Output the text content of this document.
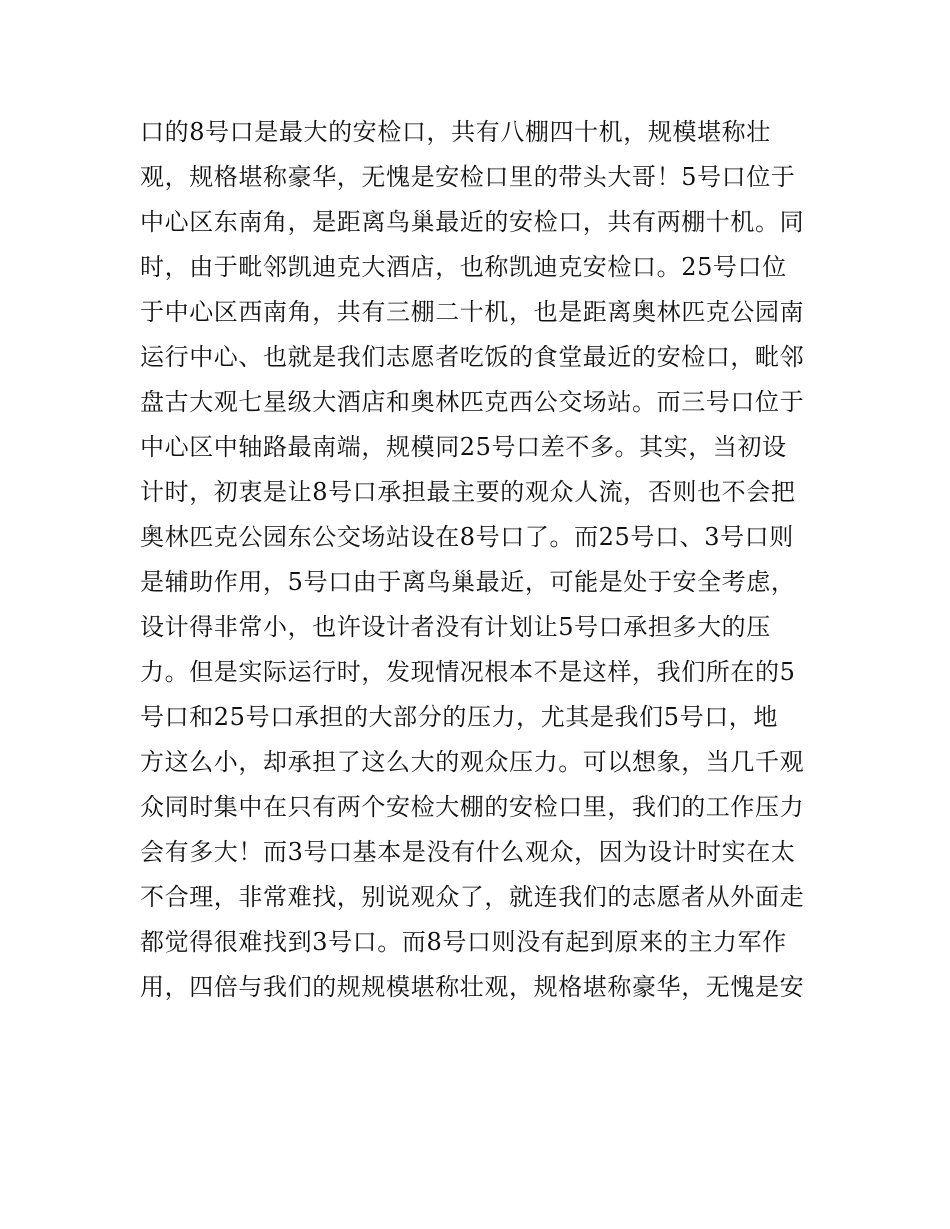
口的8号口是最大的安检口，共有八棚四十机，规模堪称壮
观，规格堪称豪华，无愧是安检口里的带头大哥！5号口位于
中心区东南角，是距离鸟巢最近的安检口，共有两棚十机。同
时，由于毗邻凯迪克大酒店，也称凯迪克安检口。25号口位
于中心区西南角，共有三棚二十机，也是距离奥林匹克公园南
运行中心、也就是我们志愿者吃饭的食堂最近的安检口，毗邻
盘古大观七星级大酒店和奥林匹克西公交场站。而三号口位于
中心区中轴路最南端，规模同25号口差不多。其实，当初设
计时，初衷是让8号口承担最主要的观众人流，否则也不会把
奥林匹克公园东公交场站设在8号口了。而25号口、3号口则
是辅助作用，5号口由于离鸟巢最近，可能是处于安全考虑，
设计得非常小，也许设计者没有计划让5号口承担多大的压
力。但是实际运行时，发现情况根本不是这样，我们所在的5
号口和25号口承担的大部分的压力，尤其是我们5号口，地
方这么小，却承担了这么大的观众压力。可以想象，当几千观
众同时集中在只有两个安检大棚的安检口里，我们的工作压力
会有多大！而3号口基本是没有什么观众，因为设计时实在太
不合理，非常难找，别说观众了，就连我们的志愿者从外面走
都觉得很难找到3号口。而8号口则没有起到原来的主力军作
用，四倍与我们的规规模堪称壮观，规格堪称豪华，无愧是安
